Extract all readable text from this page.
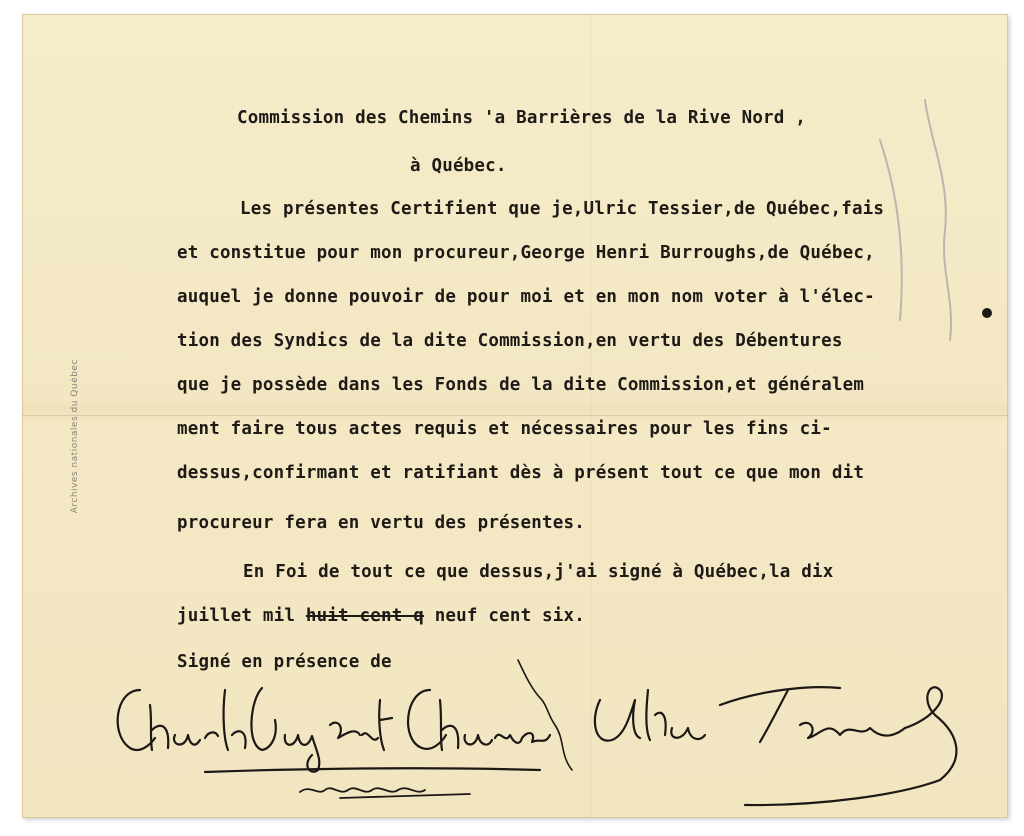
Commission des Chemins 'a Barrières de la Rive Nord ,

à Québec.

Les présentes Certifient que je,Ulric Tessier,de Québec,fais

et constitue pour mon procureur,George Henri Burroughs,de Québec,

auquel je donne pouvoir de pour moi et en mon nom voter à l'élec-

tion des Syndics de la dite Commission,en vertu des Débentures

que je possède dans les Fonds de la dite Commission,et généralem

ment faire tous actes requis et nécessaires pour les fins ci-

dessus,confirmant et ratifiant dès à présent tout ce que mon dit

procureur fera en vertu des présentes.

En Foi de tout ce que dessus,j'ai signé à Québec,la dix

juillet mil huit cent q neuf cent six.

Signé en présence de

Archives nationales du Québec
